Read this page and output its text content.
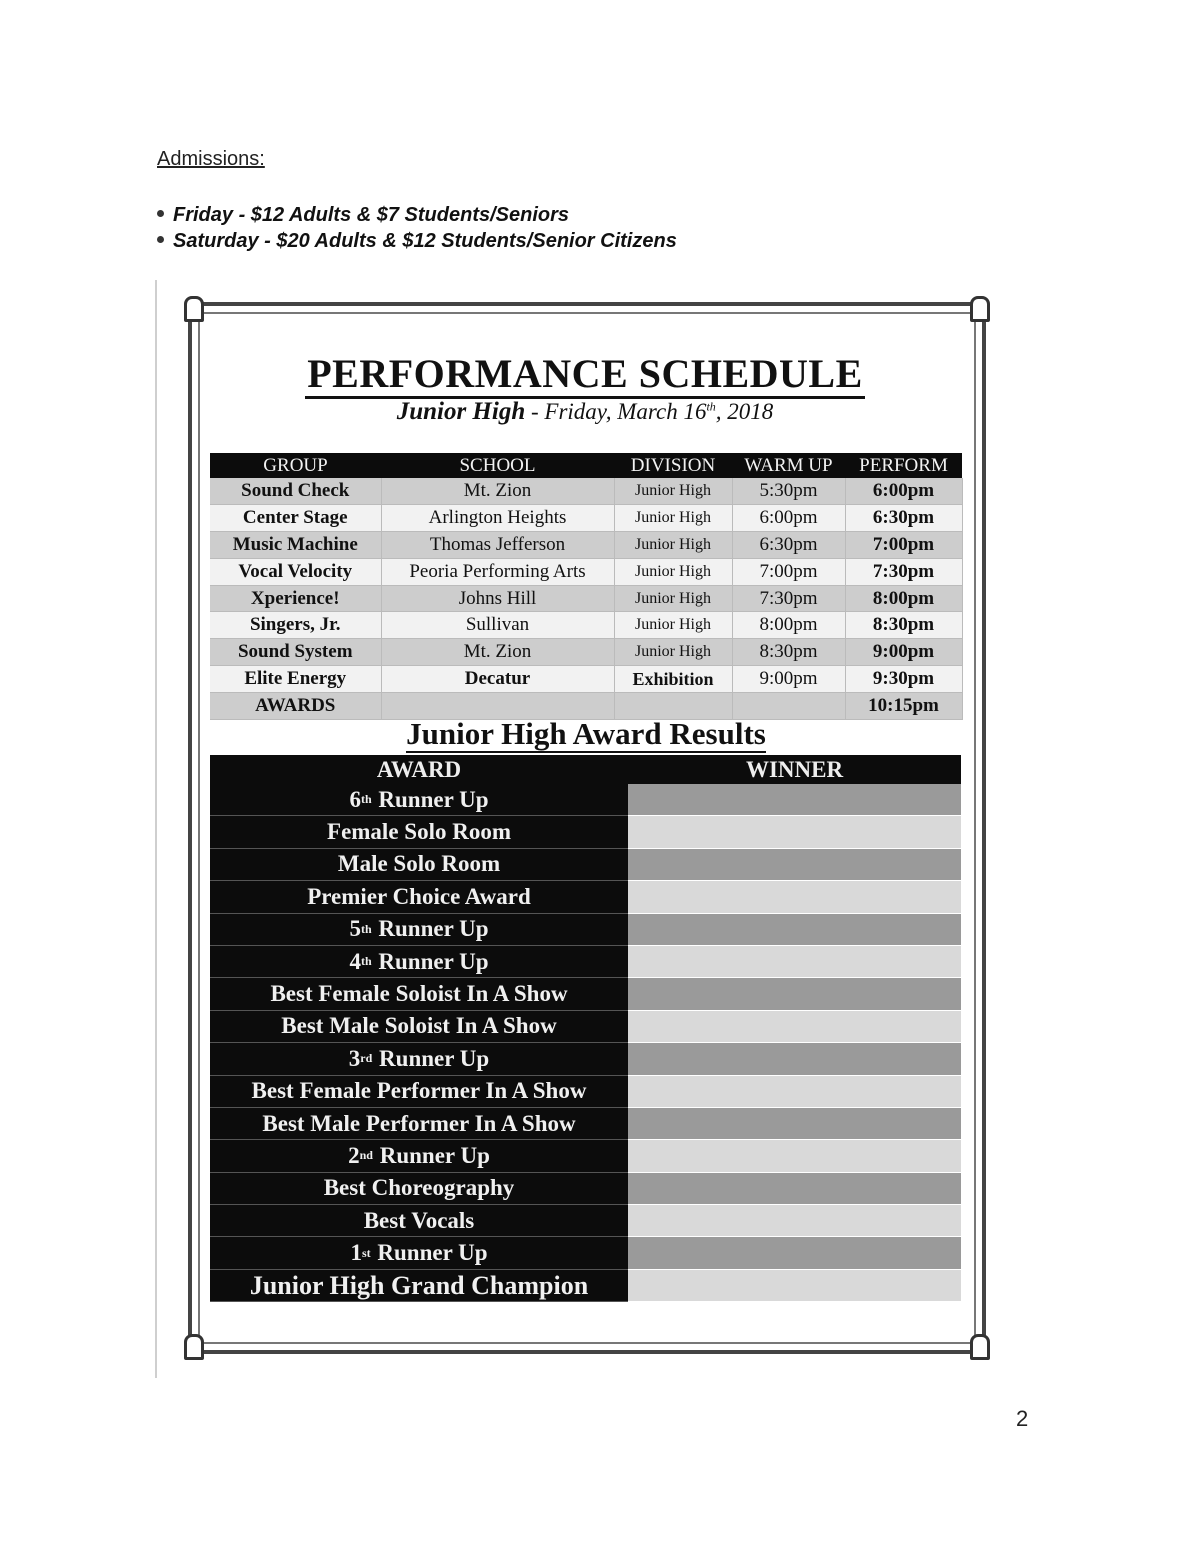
Admissions:
Friday - $12 Adults & $7 Students/Seniors
Saturday - $20 Adults & $12 Students/Senior Citizens
PERFORMANCE SCHEDULE
Junior High - Friday, March 16th, 2018
GROUP	SCHOOL	DIVISION	WARM UP	PERFORM
Sound Check	Mt. Zion	Junior High	5:30pm	6:00pm
Center Stage	Arlington Heights	Junior High	6:00pm	6:30pm
Music Machine	Thomas Jefferson	Junior High	6:30pm	7:00pm
Vocal Velocity	Peoria Performing Arts	Junior High	7:00pm	7:30pm
Xperience!	Johns Hill	Junior High	7:30pm	8:00pm
Singers, Jr.	Sullivan	Junior High	8:00pm	8:30pm
Sound System	Mt. Zion	Junior High	8:30pm	9:00pm
Elite Energy	Decatur	Exhibition	9:00pm	9:30pm
AWARDS				10:15pm
Junior High Award Results
AWARD	WINNER
6 th Runner Up
Female Solo Room
Male Solo Room
Premier Choice Award
5 th Runner Up
4 th Runner Up
Best Female Soloist In A Show
Best Male Soloist In A Show
3 rd Runner Up
Best Female Performer In A Show
Best Male Performer In A Show
2 nd Runner Up
Best Choreography
Best Vocals
1 st Runner Up
Junior High Grand Champion
2
